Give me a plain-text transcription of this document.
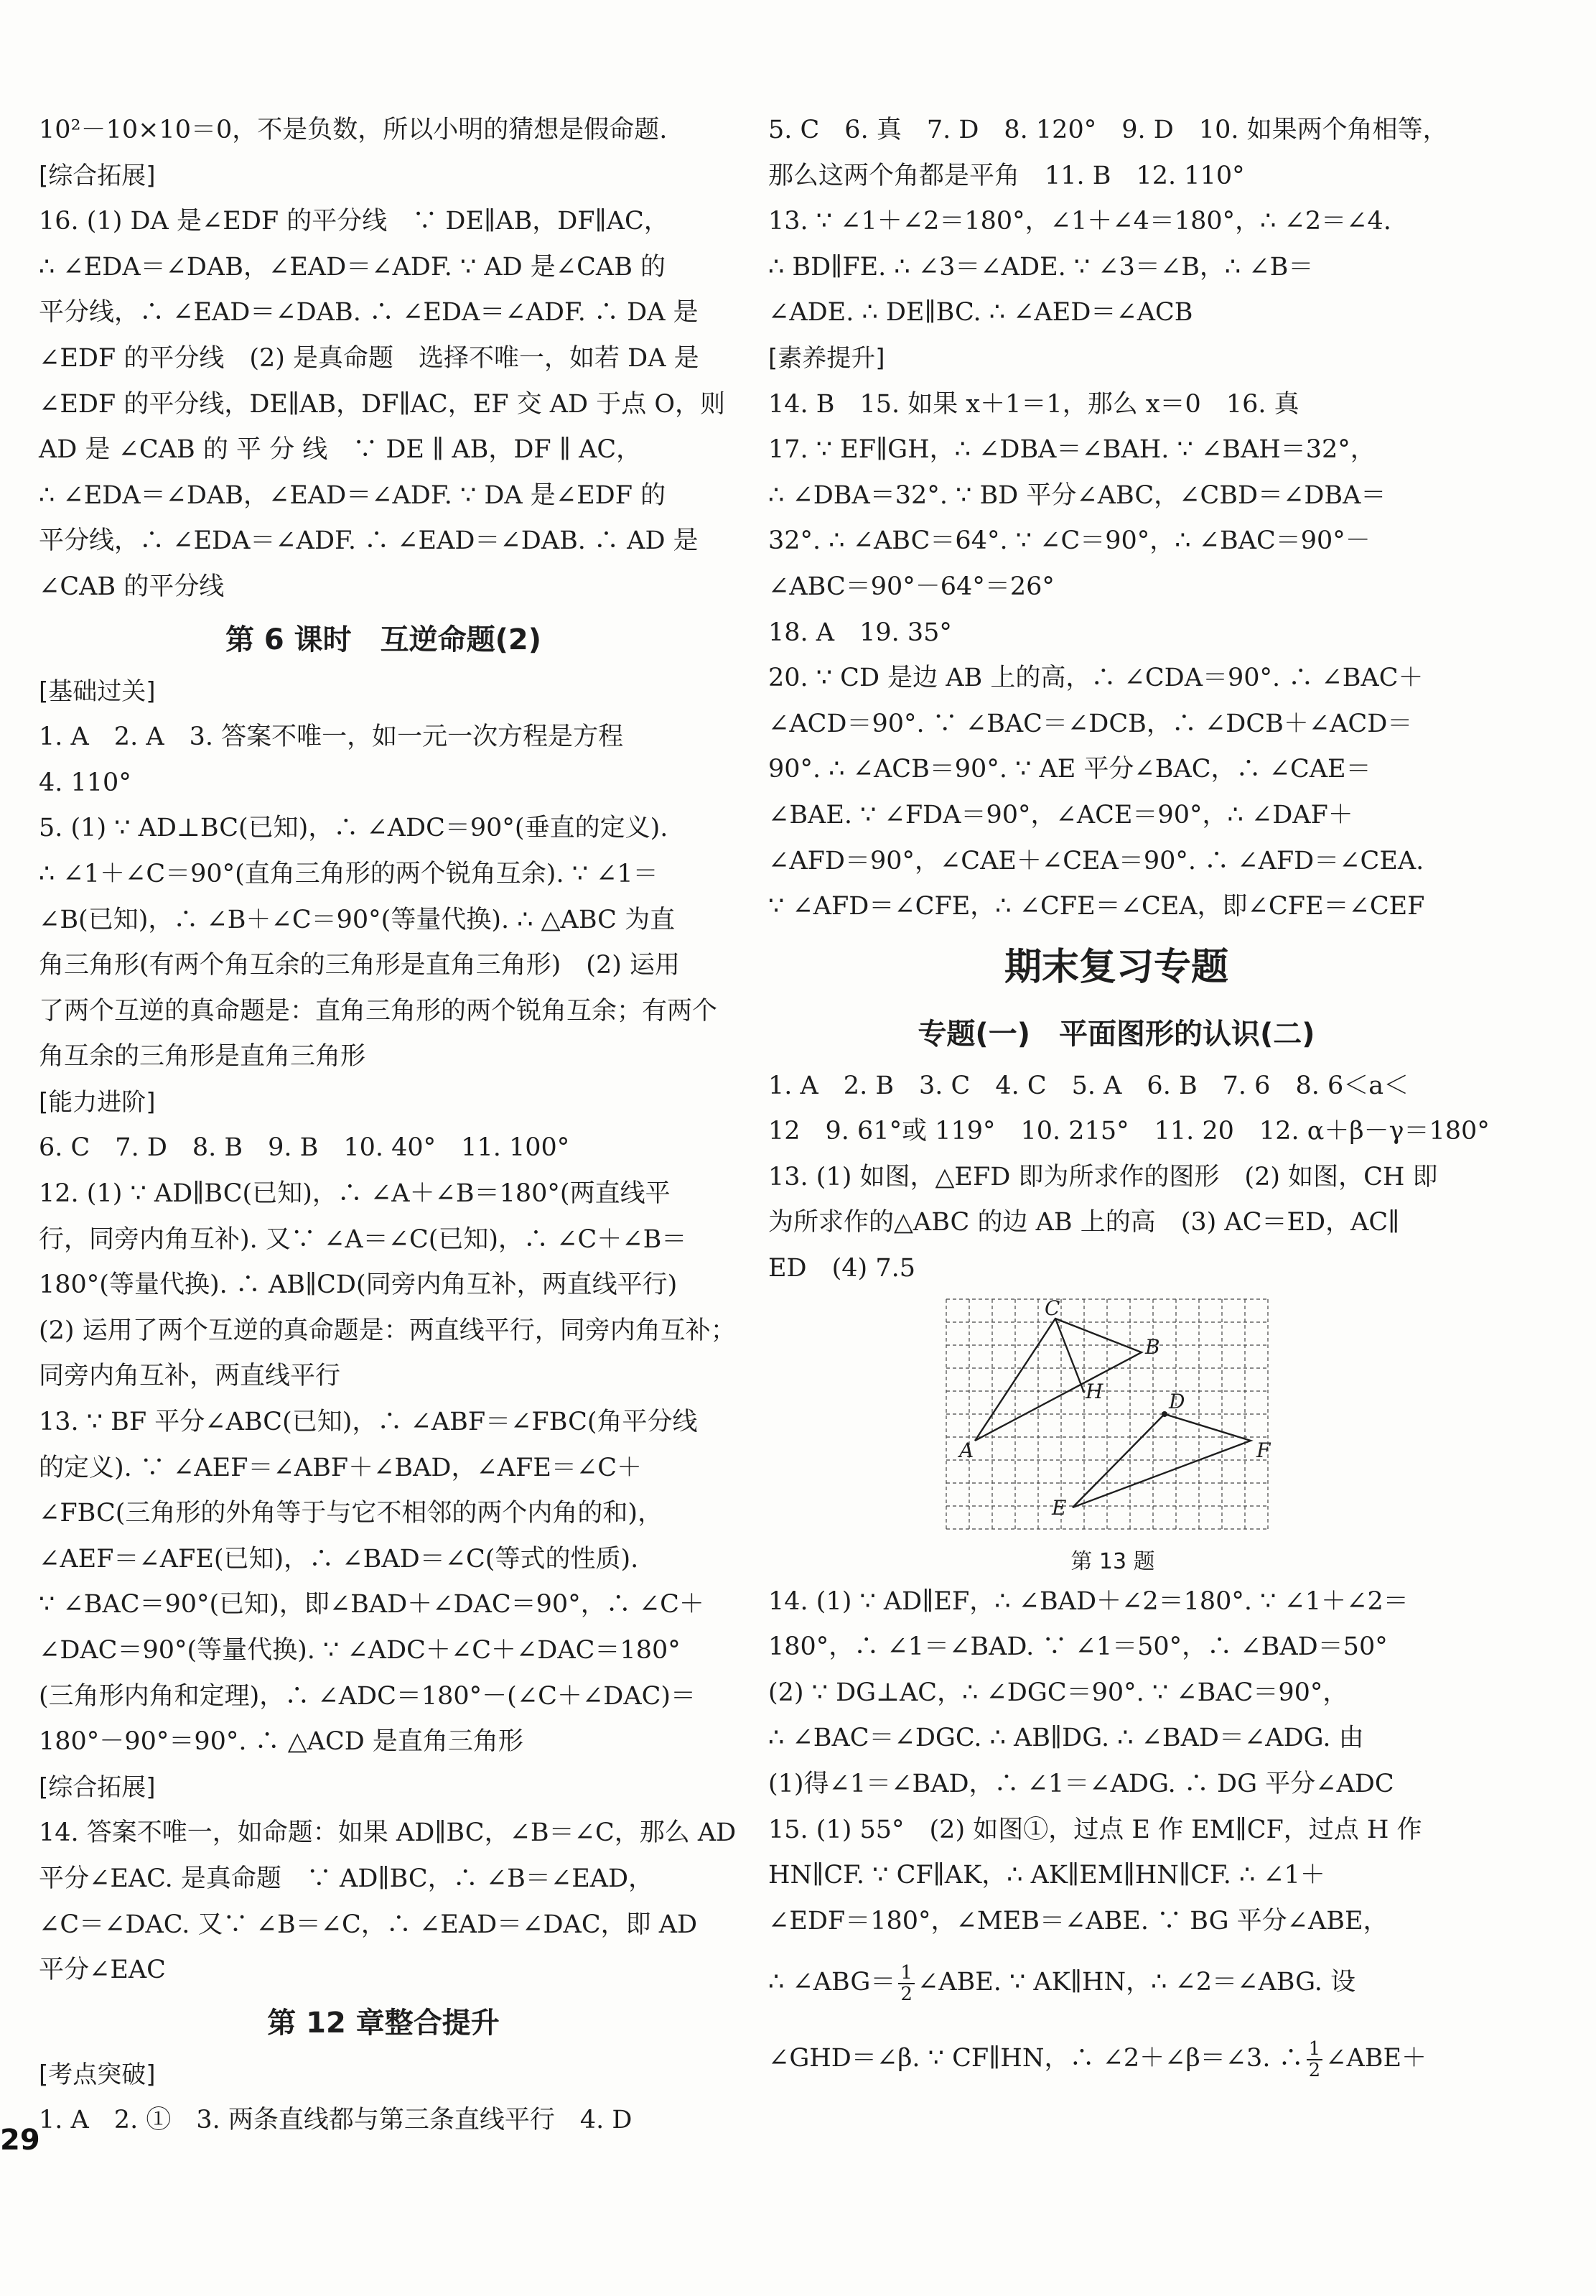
10²－10×10＝0，不是负数，所以小明的猜想是假命题.
[综合拓展]
16. (1) DA 是∠EDF 的平分线　∵ DE∥AB，DF∥AC，
∴ ∠EDA＝∠DAB，∠EAD＝∠ADF. ∵ AD 是∠CAB 的
平分线，∴ ∠EAD＝∠DAB. ∴ ∠EDA＝∠ADF. ∴ DA 是
∠EDF 的平分线　(2) 是真命题　选择不唯一，如若 DA 是
∠EDF 的平分线，DE∥AB，DF∥AC，EF 交 AD 于点 O，则
AD 是 ∠CAB 的 平 分 线　∵ DE ∥ AB，DF ∥ AC，
∴ ∠EDA＝∠DAB，∠EAD＝∠ADF. ∵ DA 是∠EDF 的
平分线，∴ ∠EDA＝∠ADF. ∴ ∠EAD＝∠DAB. ∴ AD 是
∠CAB 的平分线
第 6 课时　互逆命题(2)
[基础过关]
1. A　2. A　3. 答案不唯一，如一元一次方程是方程
4. 110°
5. (1) ∵ AD⊥BC(已知)，∴ ∠ADC＝90°(垂直的定义).
∴ ∠1＋∠C＝90°(直角三角形的两个锐角互余). ∵ ∠1＝
∠B(已知)，∴ ∠B＋∠C＝90°(等量代换). ∴ △ABC 为直
角三角形(有两个角互余的三角形是直角三角形)　(2) 运用
了两个互逆的真命题是：直角三角形的两个锐角互余；有两个
角互余的三角形是直角三角形
[能力进阶]
6. C　7. D　8. B　9. B　10. 40°　11. 100°
12. (1) ∵ AD∥BC(已知)，∴ ∠A＋∠B＝180°(两直线平
行，同旁内角互补). 又∵ ∠A＝∠C(已知)，∴ ∠C＋∠B＝
180°(等量代换). ∴ AB∥CD(同旁内角互补，两直线平行)
(2) 运用了两个互逆的真命题是：两直线平行，同旁内角互补；
同旁内角互补，两直线平行
13. ∵ BF 平分∠ABC(已知)，∴ ∠ABF＝∠FBC(角平分线
的定义). ∵ ∠AEF＝∠ABF＋∠BAD，∠AFE＝∠C＋
∠FBC(三角形的外角等于与它不相邻的两个内角的和)，
∠AEF＝∠AFE(已知)，∴ ∠BAD＝∠C(等式的性质).
∵ ∠BAC＝90°(已知)，即∠BAD＋∠DAC＝90°，∴ ∠C＋
∠DAC＝90°(等量代换). ∵ ∠ADC＋∠C＋∠DAC＝180°
(三角形内角和定理)，∴ ∠ADC＝180°－(∠C＋∠DAC)＝
180°－90°＝90°. ∴ △ACD 是直角三角形
[综合拓展]
14. 答案不唯一，如命题：如果 AD∥BC，∠B＝∠C，那么 AD
平分∠EAC. 是真命题　∵ AD∥BC，∴ ∠B＝∠EAD，
∠C＝∠DAC. 又∵ ∠B＝∠C，∴ ∠EAD＝∠DAC，即 AD
平分∠EAC
第 12 章整合提升
[考点突破]
1. A　2. ①　3. 两条直线都与第三条直线平行　4. D
5. C　6. 真　7. D　8. 120°　9. D　10. 如果两个角相等，
那么这两个角都是平角　11. B　12. 110°
13. ∵ ∠1＋∠2＝180°，∠1＋∠4＝180°，∴ ∠2＝∠4.
∴ BD∥FE. ∴ ∠3＝∠ADE. ∵ ∠3＝∠B，∴ ∠B＝
∠ADE. ∴ DE∥BC. ∴ ∠AED＝∠ACB
[素养提升]
14. B　15. 如果 x＋1＝1，那么 x＝0　16. 真
17. ∵ EF∥GH，∴ ∠DBA＝∠BAH. ∵ ∠BAH＝32°，
∴ ∠DBA＝32°. ∵ BD 平分∠ABC，∠CBD＝∠DBA＝
32°. ∴ ∠ABC＝64°. ∵ ∠C＝90°，∴ ∠BAC＝90°－
∠ABC＝90°－64°＝26°
18. A　19. 35°
20. ∵ CD 是边 AB 上的高，∴ ∠CDA＝90°. ∴ ∠BAC＋
∠ACD＝90°. ∵ ∠BAC＝∠DCB，∴ ∠DCB＋∠ACD＝
90°. ∴ ∠ACB＝90°. ∵ AE 平分∠BAC，∴ ∠CAE＝
∠BAE. ∵ ∠FDA＝90°，∠ACE＝90°，∴ ∠DAF＋
∠AFD＝90°，∠CAE＋∠CEA＝90°. ∴ ∠AFD＝∠CEA.
∵ ∠AFD＝∠CFE，∴ ∠CFE＝∠CEA，即∠CFE＝∠CEF
期末复习专题
专题(一)　平面图形的认识(二)
1. A　2. B　3. C　4. C　5. A　6. B　7. 6　8. 6＜a＜
12　9. 61°或 119°　10. 215°　11. 20　12. α＋β－γ＝180°
13. (1) 如图，△EFD 即为所求作的图形　(2) 如图，CH 即
为所求作的△ABC 的边 AB 上的高　(3) AC＝ED，AC∥
ED　(4) 7.5
C
B
H	D
A	F
E
第 13 题
14. (1) ∵ AD∥EF，∴ ∠BAD＋∠2＝180°. ∵ ∠1＋∠2＝
180°，∴ ∠1＝∠BAD. ∵ ∠1＝50°，∴ ∠BAD＝50°
(2) ∵ DG⊥AC，∴ ∠DGC＝90°. ∵ ∠BAC＝90°，
∴ ∠BAC＝∠DGC. ∴ AB∥DG. ∴ ∠BAD＝∠ADG. 由
(1)得∠1＝∠BAD，∴ ∠1＝∠ADG. ∴ DG 平分∠ADC
15. (1) 55°　(2) 如图①，过点 E 作 EM∥CF，过点 H 作
HN∥CF. ∵ CF∥AK，∴ AK∥EM∥HN∥CF. ∴ ∠1＋
∠EDF＝180°，∠MEB＝∠ABE. ∵ BG 平分∠ABE，
∴ ∠ABG＝ $\frac{1}{2}$ ∠ABE. ∵ AK∥HN，∴ ∠2＝∠ABG. 设
∠GHD＝∠β. ∵ CF∥HN，∴ ∠2＋∠β＝∠3. ∴ $\frac{1}{2}$ ∠ABE＋
29
